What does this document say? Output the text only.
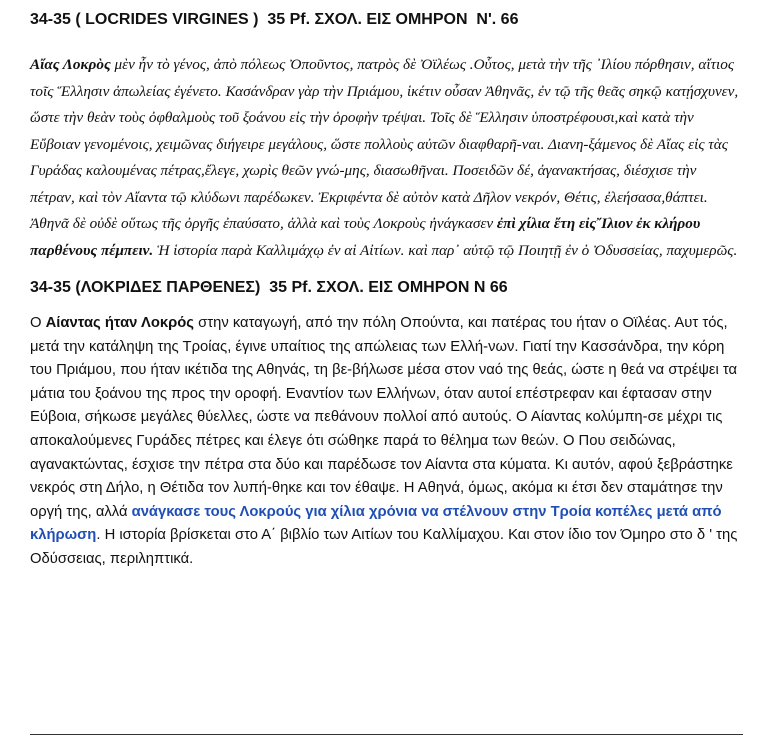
34-35 ( LOCRIDES VIRGINES )  35 Pf. ΣΧΟΛ. ΕΙΣ ΟΜΗΡΟΝ  Ν'. 66

Αἴας Λοκρὸς μὲν ἦν τὸ γένος, ἀπὸ πόλεως Ὀποῦντος, πατρὸς δὲ Ὀϊλέως .Οὗτος, μετὰ τὴν τῆς ᾿Ιλίου πόρθησιν, αἴτιος τοῖς Ἕλλησιν ἀπωλείας ἐγένετο. Κασάνδραν γὰρ τὴν Πριάμου, ἱκέτιν οὖσαν Ἀθηνᾶς, ἐν τῷ τῆς θεᾶς σηκῷ κατῄσχυνεν, ὥστε τὴν θεὰν τοὺς ὀφθαλμοὺς τοῦ ξοάνου εἰς τὴν ὀροφὴν τρέψαι. Τοῖς δὲ Ἕλλησιν ὑποστρέφουσι,καὶ κατὰ τὴν Εὔβοιαν γενομένοις, χειμῶνας διήγειρε μεγάλους, ὥστε πολλοὺς αὐτῶν διαφθαρῆ-ναι. Διανη-ξάμενος δὲ Αἴας εἰς τὰς Γυράδας καλουμένας πέτρας,ἔλεγε, χωρὶς θεῶν γνώ-μης, διασωθῆναι. Ποσειδῶν δέ, ἀγανακτήσας, διέσχισε τὴν πέτραν, καὶ τὸν Αἴαντα τῷ κλύδωνι παρέδωκεν. Ἐκριφέντα δὲ αὐτὸν κατὰ Δῆλον νεκρόν, Θέτις, ἐλεήσασα,θάπτει. Ἀθηνᾶ δὲ οὐδὲ οὕτως τῆς ὀργῆς ἐπαύσατο, ἀλλὰ καὶ τοὺς Λοκροὺς ἠνάγκασεν ἐπὶ χίλια ἔτη εἰς῎Ιλιον ἐκ κλήρου παρθένους πέμπειν. Ἡ ἱστορία παρὰ Καλλιμάχῳ ἐν αἱ Αἰτίων. καὶ παρ᾿ αὐτῷ τῷ Ποιητῇ ἐν ὁ Ὀδυσσείας, παχυμερῶς.

34-35 (ΛΟΚΡΙΔΕΣ ΠΑΡΘΕΝΕΣ)  35 Pf. ΣΧΟΛ. ΕΙΣ ΟΜΗΡΟΝ Ν 66

Ο Αίαντας ήταν Λοκρός στην καταγωγή, από την πόλη Οπούντα, και πατέρας του ήταν ο Οϊλέας. Αυτ τός, μετά την κατάληψη της Τροίας, έγινε υπαίτιος της απώλειας των Ελλή-νων. Γιατί την Κασσάνδρα, την κόρη του Πριάμου, που ήταν ικέτιδα της Αθηνάς, τη βε-βήλωσε μέσα στον ναό της θεάς, ώστε η θεά να στρέψει τα μάτια του ξοάνου της προς την οροφή. Εναντίον των Ελλήνων, όταν αυτοί επέστρεφαν και έφτασαν στην Εύβοια, σήκωσε μεγάλες θύελλες, ώστε να πεθάνουν πολλοί από αυτούς. Ο Αίαντας κολύμπη-σε μέχρι τις αποκαλούμενες Γυράδες πέτρες και έλεγε ότι σώθηκε παρά το θέλημα των θεών. Ο Που σειδώνας, αγανακτώντας, έσχισε την πέτρα στα δύο και παρέδωσε τον Αίαντα στα κύματα. Κι αυτόν, αφού ξεβράστηκε νεκρός στη Δήλο, η Θέτιδα τον λυπή-θηκε και τον έθαψε. Η Αθηνά, όμως, ακόμα κι έτσι δεν σταμάτησε την οργή της, αλλά ανάγκασε τους Λοκρούς για χίλια χρόνια να στέλνουν στην Τροία κοπέλες μετά από κλήρωση. Η ιστορία βρίσκεται στο Α΄ βιβλίο των Αιτίων του Καλλίμαχου. Και στον ίδιο τον Όμηρο στο δ ' της Οδύσσειας, περιληπτικά.
